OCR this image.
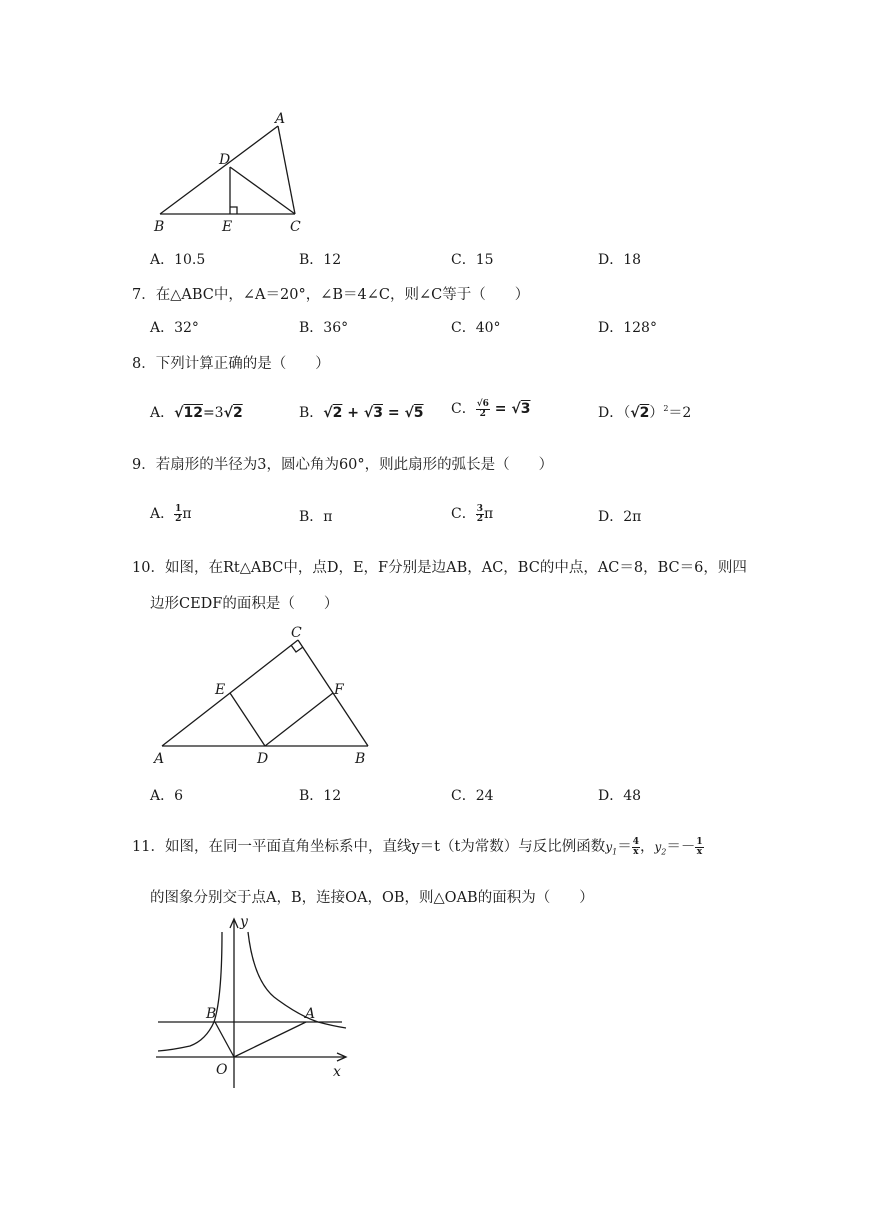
A
D
B	E	C
A．10.5	B．12	C．15	D．18
7．在△ABC中，∠A＝20°，∠B＝4∠C，则∠C等于（　　）
A．32°	B．36°	C．40°	D．128°
8．下列计算正确的是（　　）
A．√12=3√2	B．√2 + √3 = √5 C． $\frac{√6}{2} = √3$	D．$(√2)^2=2$
9．若扇形的半径为3，圆心角为60°，则此扇形的弧长是（　　）
A． $\frac{1}{2}$ π	B．π	C． $\frac{3}{2}$ π	D．2π
10．如图，在Rt△ABC中，点D，E，F分别是边AB，AC，BC的中点，AC＝8，BC＝6，则四
边形CEDF的面积是（　　）
C
E	F
A	D	B
A．6	B．12	C．24	D．48
11．如图，在同一平面直角坐标系中，直线y＝t（t为常数）与反比例函数$y_1= \frac{4}{x}$ ，$y_2=- \frac{1}{x}$
的图象分别交于点A，B，连接OA，OB，则△OAB的面积为（　　）
y
B	A
O	x
